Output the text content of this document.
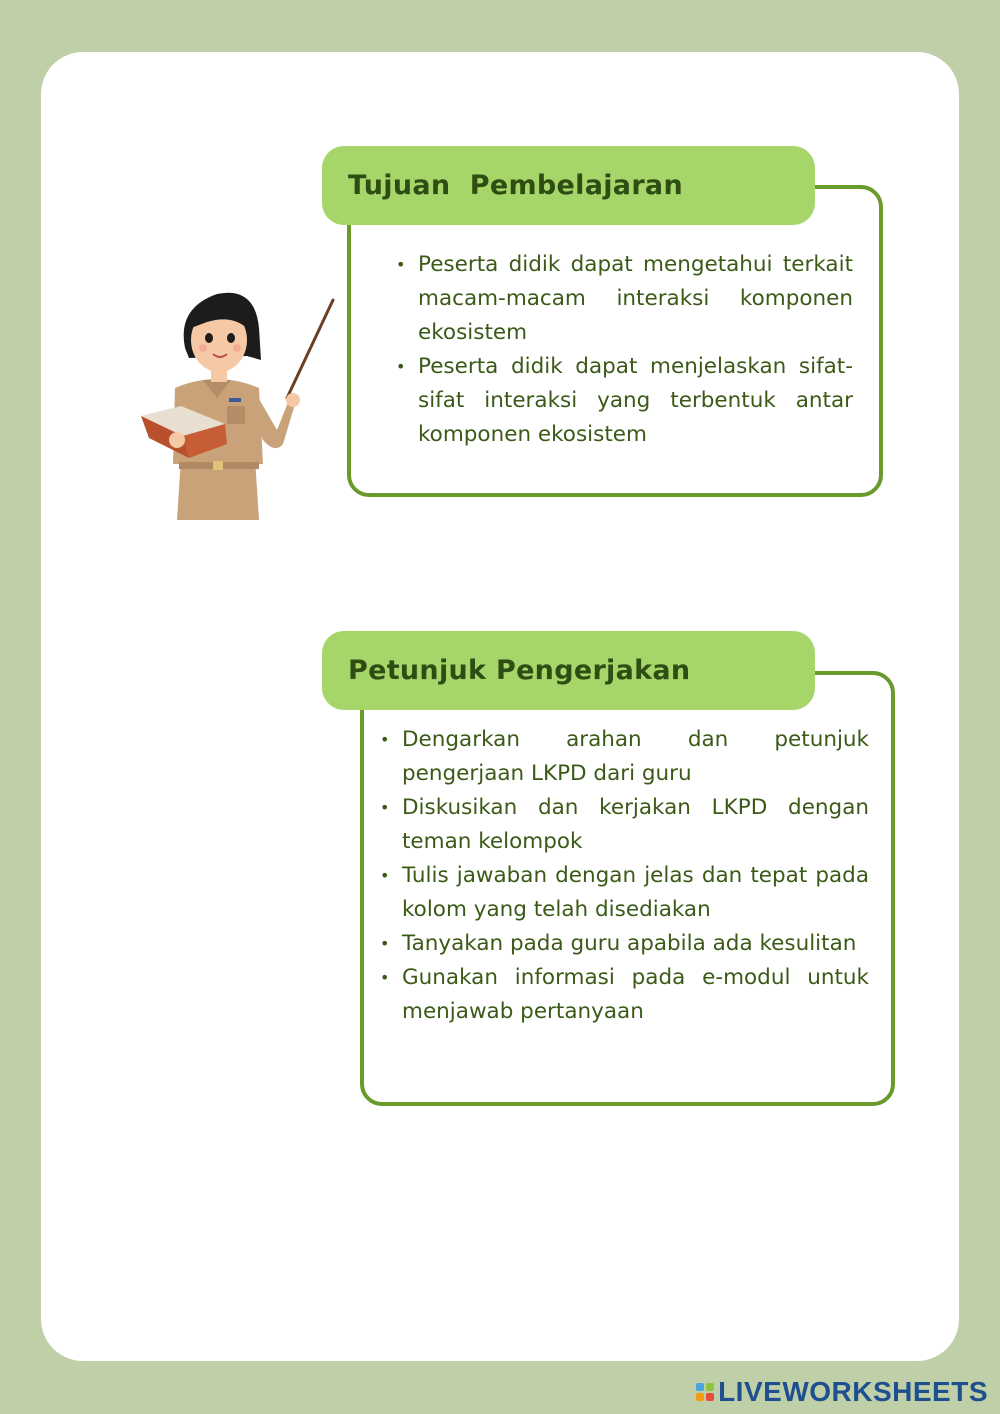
Tujuan  Pembelajaran
• Peserta didik dapat mengetahui terkait macam-macam interaksi komponen ekosistem
• Peserta didik dapat menjelaskan sifat-sifat interaksi yang terbentuk antar komponen ekosistem
Petunjuk Pengerjakan
• Dengarkan arahan dan petunjuk pengerjaan LKPD dari guru
• Diskusikan dan kerjakan LKPD dengan teman kelompok
• Tulis jawaban dengan jelas dan tepat pada kolom yang telah disediakan
• Tanyakan pada guru apabila ada kesulitan
• Gunakan informasi pada e-modul untuk menjawab pertanyaan
LIVEWORKSHEETS
